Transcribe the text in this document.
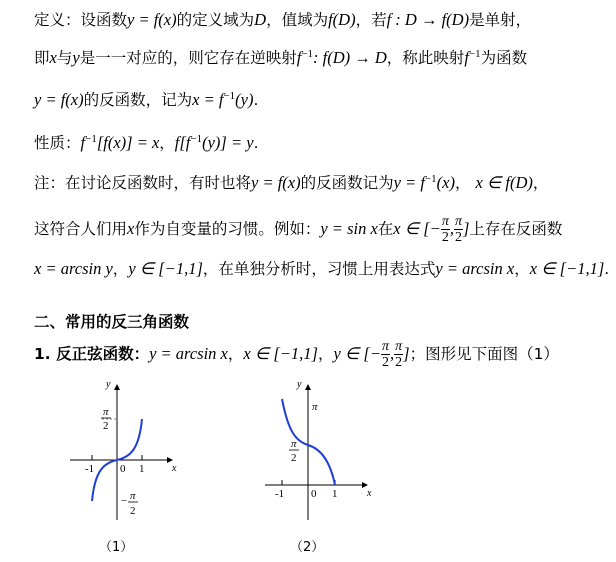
定义：设函数y = f(x)的定义域为D，值域为f(D)，若f : D → f(D)是单射，
即x与y是一一对应的，则它存在逆映射$f^{-1}$: f(D) → D，称此映射$f^{-1}$为函数
y = f(x)的反函数，记为$x = f^{-1}(y)$.
性质：$f^{-1}[f(x)] = x$，$f[f^{-1}(y)] = y$.
注：在讨论反函数时，有时也将y = f(x)的反函数记为$y = f^{-1}(x)$， x ∈ f(D)，
这符合人们用x作为自变量的习惯。例如：y = sin x在x ∈ [− $\frac{\pi}{2}$ , $\frac{\pi}{2}$ ]上存在反函数
x = arcsin y，y ∈ [−1,1]，在单独分析时，习惯上用表达式y = arcsin x，x ∈ [−1,1].
二、常用的反三角函数
1. 反正弦函数：y = arcsin x，x ∈ [−1,1]，y ∈ [− $\frac{\pi}{2}$ , $\frac{\pi}{2}$ ]；图形见下面图（1）
y
x
0 1
-1
π
2
− π
2
（1）
y
x
π
π
2
-1 0 1
（2）
